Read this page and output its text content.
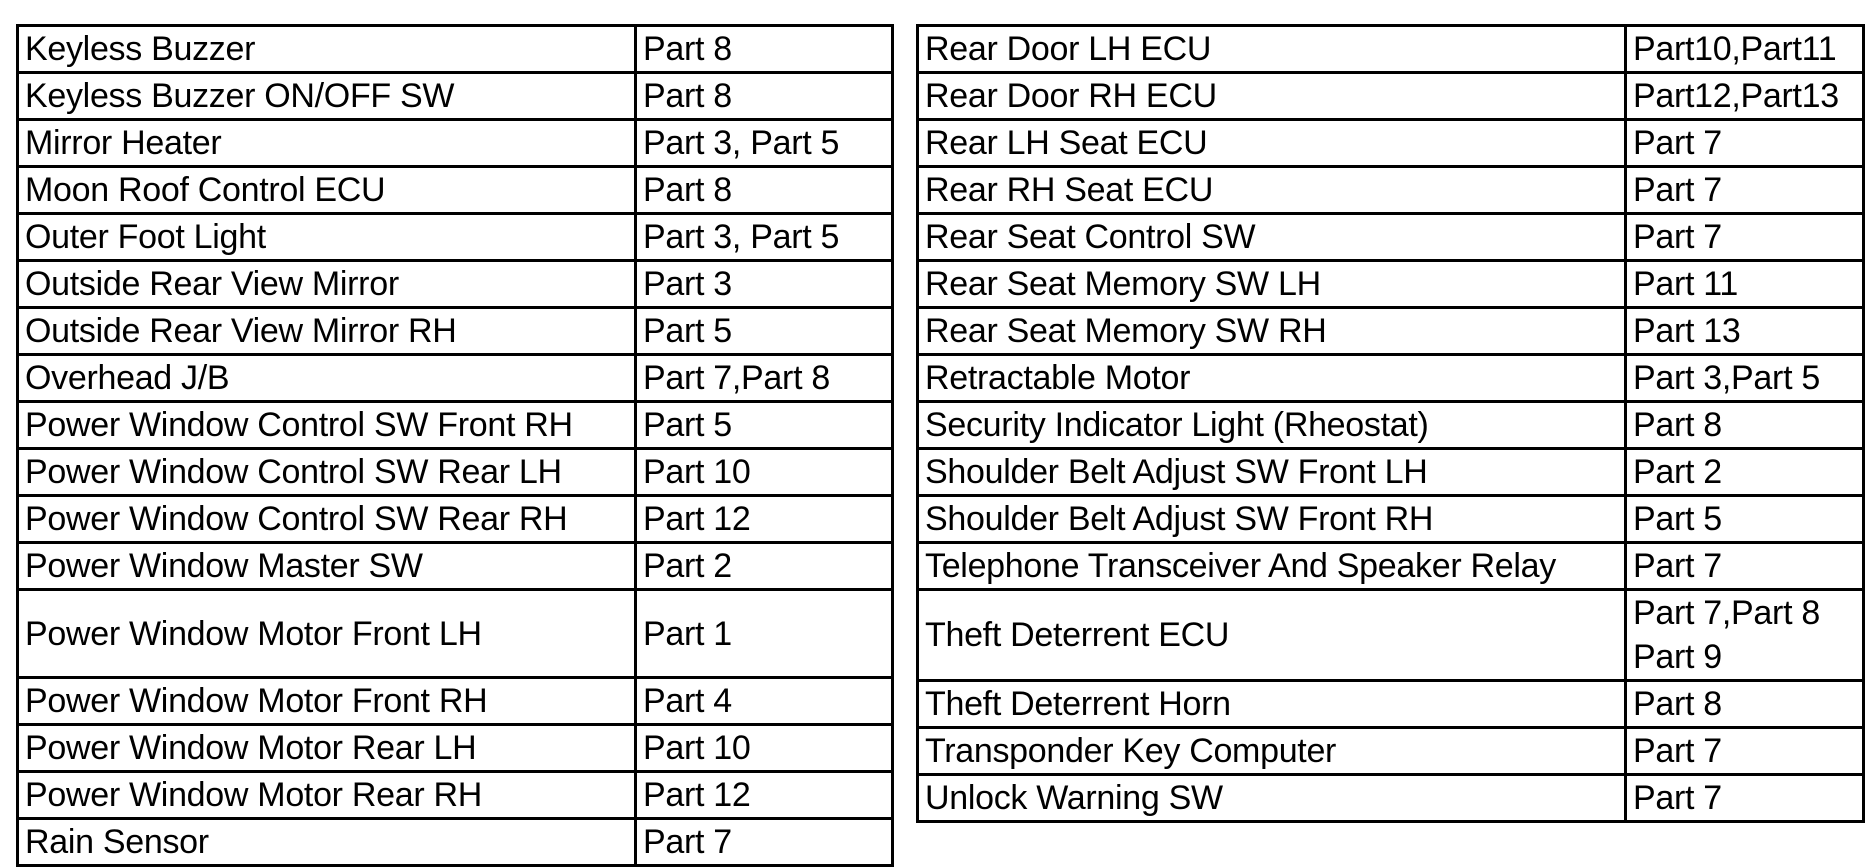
Keyless Buzzer	Part 8

Keyless Buzzer ON/OFF SW	Part 8

Mirror Heater	Part 3, Part 5

Moon Roof Control ECU	Part 8

Outer Foot Light	Part 3, Part 5

Outside Rear View Mirror	Part 3

Outside Rear View Mirror RH	Part 5

Overhead J/B	Part 7,Part 8

Power Window Control SW Front RH	Part 5

Power Window Control SW Rear LH	Part 10

Power Window Control SW Rear RH	Part 12

Power Window Master SW	Part 2

Power Window Motor Front LH	Part 1

Power Window Motor Front RH	Part 4

Power Window Motor Rear LH	Part 10

Power Window Motor Rear RH	Part 12

Rain Sensor	Part 7
Rear Door LH ECU	Part10,Part11

Rear Door RH ECU	Part12,Part13

Rear LH Seat ECU	Part 7

Rear RH Seat ECU	Part 7

Rear Seat Control SW	Part 7

Rear Seat Memory SW LH	Part 11

Rear Seat Memory SW RH	Part 13

Retractable Motor	Part 3,Part 5

Security Indicator Light (Rheostat)	Part 8

Shoulder Belt Adjust SW Front LH	Part 2

Shoulder Belt Adjust SW Front RH	Part 5

Telephone Transceiver And Speaker Relay	Part 7

Theft Deterrent ECU	Part 7,Part 8
Part 9

Theft Deterrent Horn	Part 8

Transponder Key Computer	Part 7

Unlock Warning SW	Part 7
